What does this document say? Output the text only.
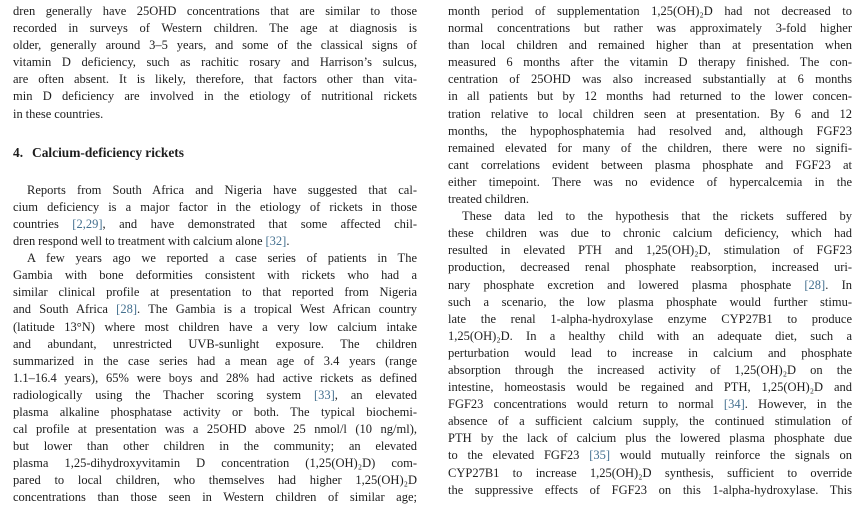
dren generally have 25OHD concentrations that are similar to those
recorded in surveys of Western children. The age at diagnosis is
older, generally around 3–5 years, and some of the classical signs of
vitamin D deficiency, such as rachitic rosary and Harrison’s sulcus,
are often absent. It is likely, therefore, that factors other than vita-
min D deficiency are involved in the etiology of nutritional rickets
in these countries.
4. Calcium-deficiency rickets
Reports from South Africa and Nigeria have suggested that cal-
cium deficiency is a major factor in the etiology of rickets in those
countries [2,29], and have demonstrated that some affected chil-
dren respond well to treatment with calcium alone [32].
A few years ago we reported a case series of patients in The
Gambia with bone deformities consistent with rickets who had a
similar clinical profile at presentation to that reported from Nigeria
and South Africa [28]. The Gambia is a tropical West African country
(latitude 13°N) where most children have a very low calcium intake
and abundant, unrestricted UVB-sunlight exposure. The children
summarized in the case series had a mean age of 3.4 years (range
1.1–16.4 years), 65% were boys and 28% had active rickets as defined
radiologically using the Thacher scoring system [33], an elevated
plasma alkaline phosphatase activity or both. The typical biochemi-
cal profile at presentation was a 25OHD above 25 nmol/l (10 ng/ml),
but lower than other children in the community; an elevated
plasma 1,25-dihydroxyvitamin D concentration (1,25(OH)₂D) com-
pared to local children, who themselves had higher 1,25(OH)₂D
concentrations than those seen in Western children of similar age;
month period of supplementation 1,25(OH)₂D had not decreased to
normal concentrations but rather was approximately 3-fold higher
than local children and remained higher than at presentation when
measured 6 months after the vitamin D therapy finished. The con-
centration of 25OHD was also increased substantially at 6 months
in all patients but by 12 months had returned to the lower concen-
tration relative to local children seen at presentation. By 6 and 12
months, the hypophosphatemia had resolved and, although FGF23
remained elevated for many of the children, there were no signifi-
cant correlations evident between plasma phosphate and FGF23 at
either timepoint. There was no evidence of hypercalcemia in the
treated children.
These data led to the hypothesis that the rickets suffered by
these children was due to chronic calcium deficiency, which had
resulted in elevated PTH and 1,25(OH)₂D, stimulation of FGF23
production, decreased renal phosphate reabsorption, increased uri-
nary phosphate excretion and lowered plasma phosphate [28]. In
such a scenario, the low plasma phosphate would further stimu-
late the renal 1-alpha-hydroxylase enzyme CYP27B1 to produce
1,25(OH)₂D. In a healthy child with an adequate diet, such a
perturbation would lead to increase in calcium and phosphate
absorption through the increased activity of 1,25(OH)₂D on the
intestine, homeostasis would be regained and PTH, 1,25(OH)₂D and
FGF23 concentrations would return to normal [34]. However, in the
absence of a sufficient calcium supply, the continued stimulation of
PTH by the lack of calcium plus the lowered plasma phosphate due
to the elevated FGF23 [35] would mutually reinforce the signals on
CYP27B1 to increase 1,25(OH)₂D synthesis, sufficient to override
the suppressive effects of FGF23 on this 1-alpha-hydroxylase. This
